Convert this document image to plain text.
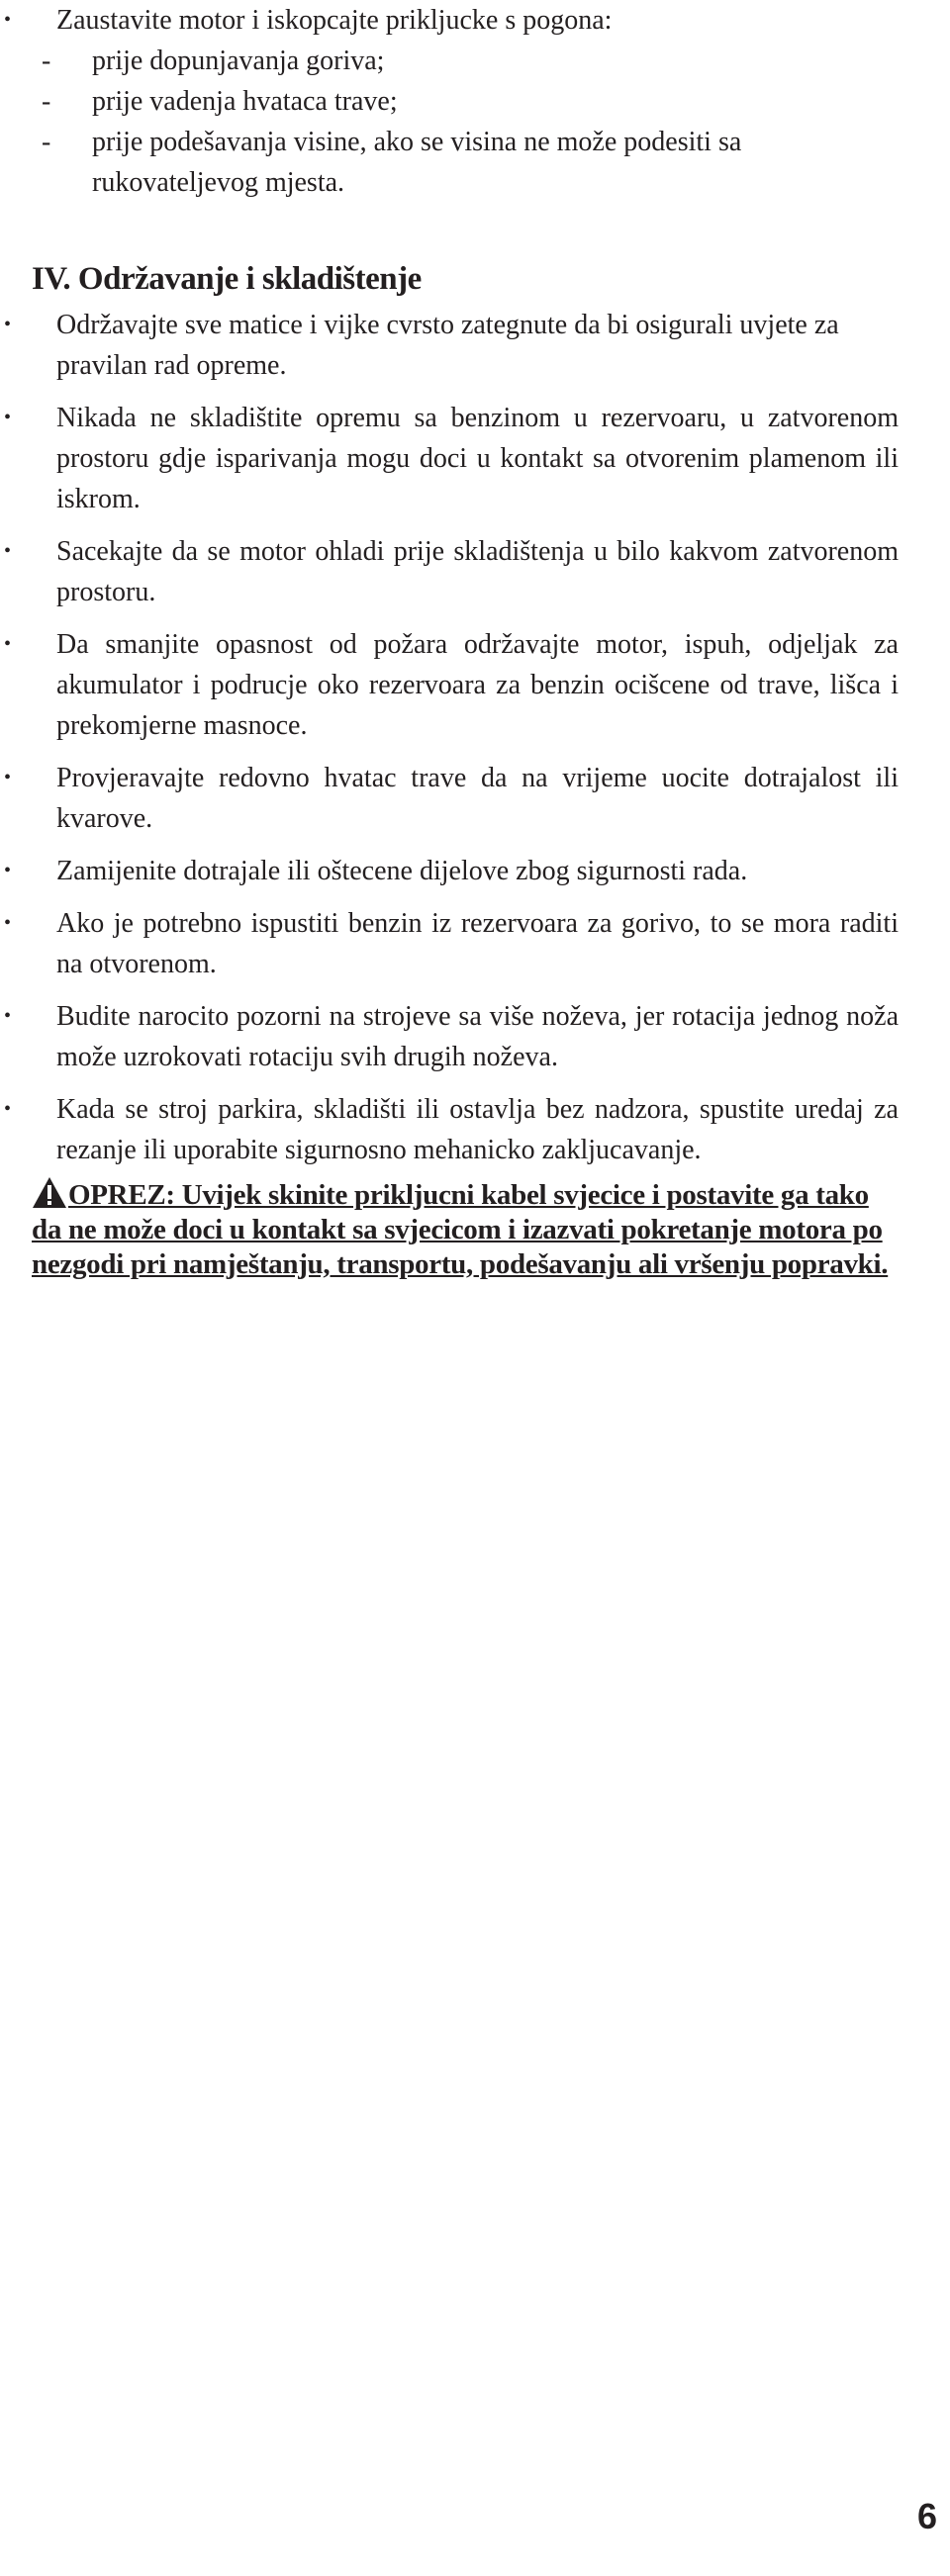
• Zaustavite motor i iskopcajte prikljucke s pogona:
- prije dopunjavanja goriva;
- prije vadenja hvataca trave;
- prije podešavanja visine, ako se visina ne može podesiti sa rukovateljevog mjesta.
IV. Održavanje i skladištenje
• Održavajte sve matice i vijke cvrsto zategnute da bi osigurali uvjete za pravilan rad opreme.
• Nikada ne skladištite opremu sa benzinom u rezervoaru, u zatvorenom prostoru gdje isparivanja mogu doci u kontakt sa otvorenim plamenom ili iskrom.
• Sacekajte da se motor ohladi prije skladištenja u bilo kakvom zatvorenom prostoru.
• Da smanjite opasnost od požara održavajte motor, ispuh, odjeljak za akumulator i podrucje oko rezervoara za benzin ocišcene od trave, lišca i prekomjerne masnoce.
• Provjeravajte redovno hvatac trave da na vrijeme uocite dotrajalost ili kvarove.
• Zamijenite dotrajale ili oštecene dijelove zbog sigurnosti rada.
• Ako je potrebno ispustiti benzin iz rezervoara za gorivo, to se mora raditi na otvorenom.
• Budite narocito pozorni na strojeve sa više noževa, jer rotacija jednog noža može uzrokovati rotaciju svih drugih noževa.
• Kada se stroj parkira, skladišti ili ostavlja bez nadzora, spustite uredaj za rezanje ili uporabite sigurnosno mehanicko zakljucavanje.
OPREZ: Uvijek skinite prikljucni kabel svjecice i postavite ga tako da ne može doci u kontakt sa svjecicom i izazvati pokretanje motora po nezgodi pri namještanju, transportu, podešavanju ali vršenju popravki.
6
